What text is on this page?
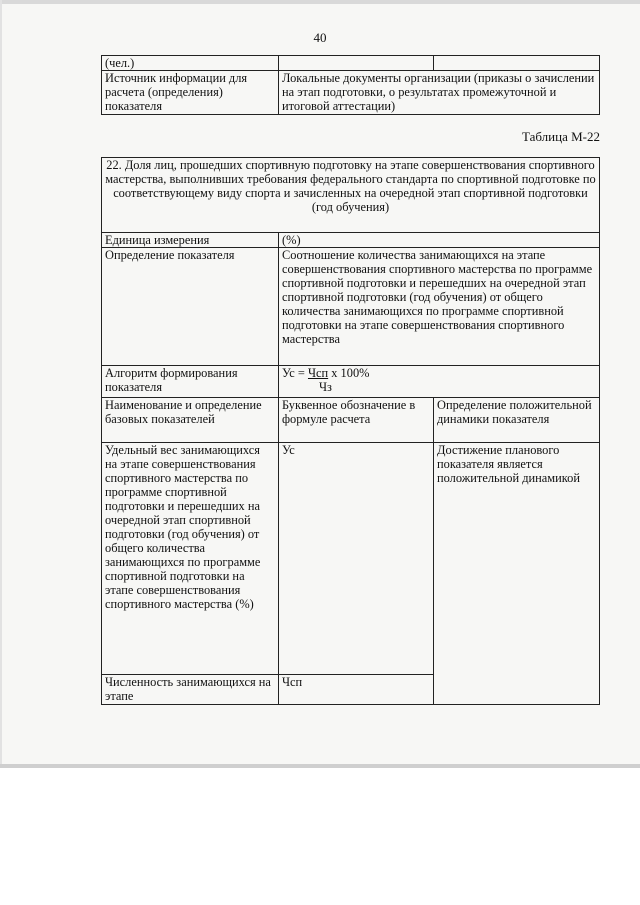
40
(чел.)		
Источник информации для расчета (определения) показателя	Локальные документы организации (приказы о зачислении на этап подготовки, о результатах промежуточной и итоговой аттестации)	
Таблица М-22
22. Доля лиц, прошедших спортивную подготовку на этапе совершенствования спортивного мастерства, выполнивших требования федерального стандарта по спортивной подготовке по соответствующему виду спорта и зачисленных на очередной этап спортивной подготовки (год обучения)		
Единица измерения	(%)	
Определение показателя	Соотношение количества занимающихся на этапе совершенствования спортивного мастерства по программе спортивной подготовки и перешедших на очередной этап спортивной подготовки (год обучения) от общего количества занимающихся по программе спортивной подготовки на этапе совершенствования спортивного мастерства	
Алгоритм формирования показателя	Ус = Чсп х 100%
Чз	

Наименование и определение базовых показателей	Буквенное обозначение в формуле расчета	Определение положительной динамики показателя
Удельный вес занимающихся на этапе совершенствования спортивного мастерства по программе спортивной подготовки и перешедших на очередной этап спортивной подготовки (год обучения) от общего количества занимающихся по программе спортивной подготовки на этапе совершенствования спортивного мастерства (%)	Ус	Достижение планового показателя является положительной динамикой
Численность занимающихся на этапе	Чсп	
